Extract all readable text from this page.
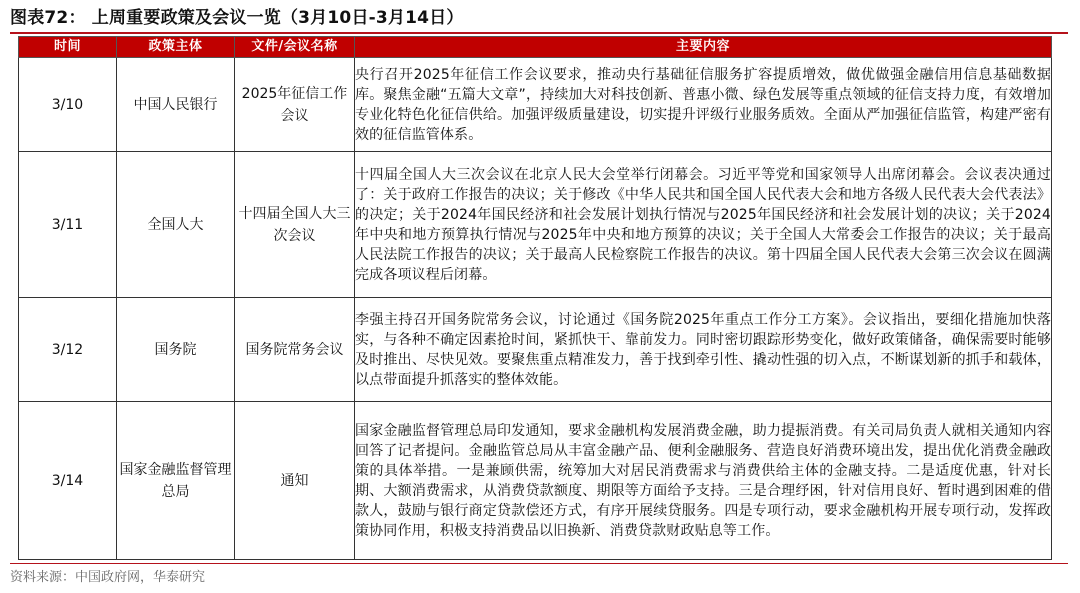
图表72： 上周重要政策及会议一览（3月10日-3月14日）
时间	政策主体	文件/会议名称	主要内容
3/10	中国人民银行	2025年征信工作会议	央行召开2025年征信工作会议要求，推动央行基础征信服务扩容提质增效，做优做强金融信用信息基础数据库。聚焦金融“五篇大文章”，持续加大对科技创新、普惠小微、绿色发展等重点领域的征信支持力度，有效增加专业化特色化征信供给。加强评级质量建设，切实提升评级行业服务质效。全面从严加强征信监管，构建严密有效的征信监管体系。
3/11	全国人大	十四届全国人大三次会议	十四届全国人大三次会议在北京人民大会堂举行闭幕会。习近平等党和国家领导人出席闭幕会。会议表决通过了：关于政府工作报告的决议；关于修改《中华人民共和国全国人民代表大会和地方各级人民代表大会代表法》的决定；关于2024年国民经济和社会发展计划执行情况与2025年国民经济和社会发展计划的决议；关于2024年中央和地方预算执行情况与2025年中央和地方预算的决议；关于全国人大常委会工作报告的决议；关于最高人民法院工作报告的决议；关于最高人民检察院工作报告的决议。第十四届全国人民代表大会第三次会议在圆满完成各项议程后闭幕。
3/12	国务院	国务院常务会议	李强主持召开国务院常务会议，讨论通过《国务院2025年重点工作分工方案》。会议指出，要细化措施加快落实，与各种不确定因素抢时间，紧抓快干、靠前发力。同时密切跟踪形势变化，做好政策储备，确保需要时能够及时推出、尽快见效。要聚焦重点精准发力，善于找到牵引性、撬动性强的切入点，不断谋划新的抓手和载体，以点带面提升抓落实的整体效能。
3/14	国家金融监督管理总局	通知	国家金融监督管理总局印发通知，要求金融机构发展消费金融，助力提振消费。有关司局负责人就相关通知内容回答了记者提问。金融监管总局从丰富金融产品、便利金融服务、营造良好消费环境出发，提出优化消费金融政策的具体举措。一是兼顾供需，统筹加大对居民消费需求与消费供给主体的金融支持。二是适度优惠，针对长期、大额消费需求，从消费贷款额度、期限等方面给予支持。三是合理纾困，针对信用良好、暂时遇到困难的借款人，鼓励与银行商定贷款偿还方式，有序开展续贷服务。四是专项行动，要求金融机构开展专项行动，发挥政策协同作用，积极支持消费品以旧换新、消费贷款财政贴息等工作。
资料来源：中国政府网，华泰研究
